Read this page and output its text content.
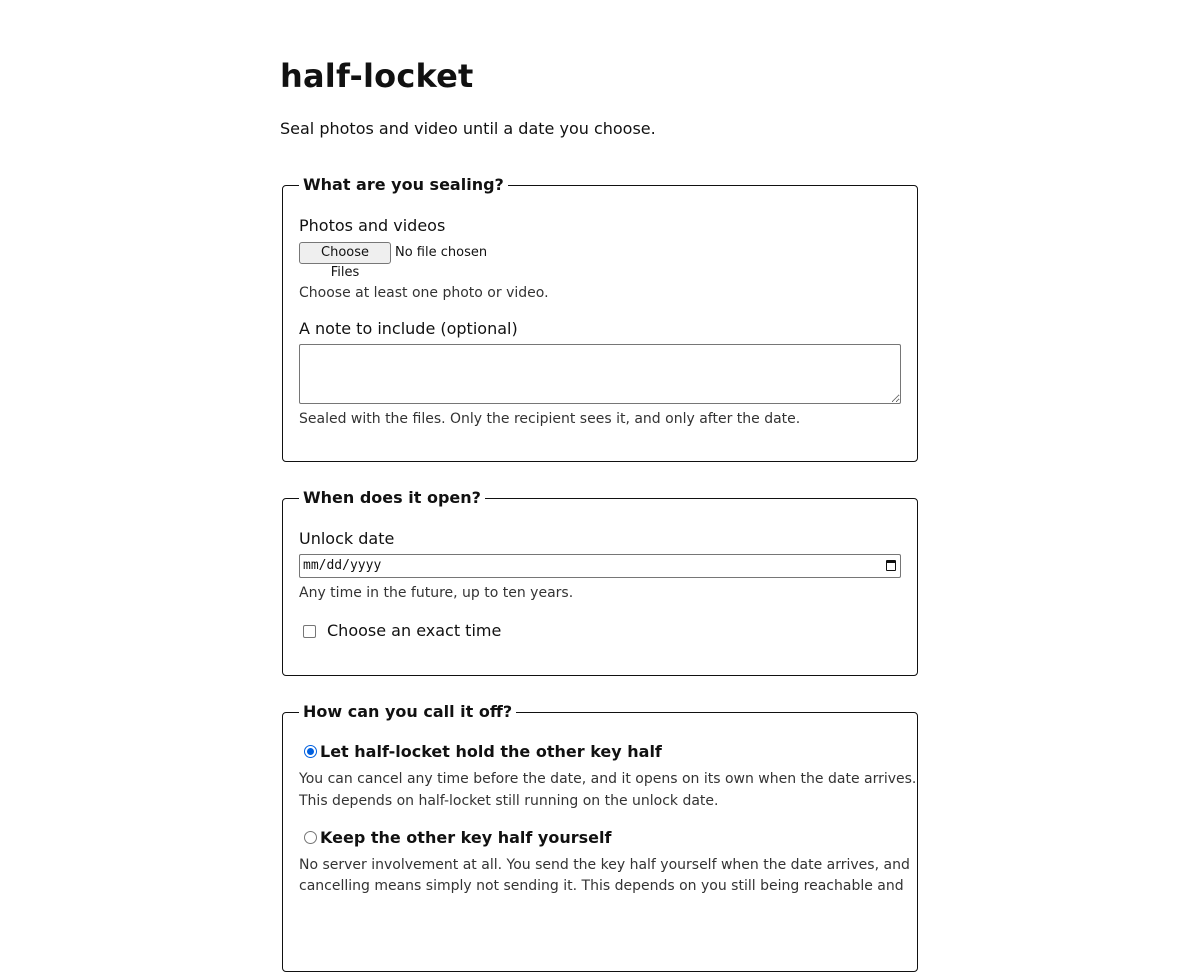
half-locket

Seal photos and video until a date you choose.

What are you sealing?
Photos and videos
Choose Files
No file chosen
Choose at least one photo or video.
A note to include (optional)
Sealed with the files. Only the recipient sees it, and only after the date.
When does it open?
Unlock date
mm/dd/yyyy
Any time in the future, up to ten years.
Choose an exact time
How can you call it off?
Let half-locket hold the other key half
You can cancel any time before the date, and it opens on its own when the date arrives.
This depends on half-locket still running on the unlock date.
Keep the other key half yourself
No server involvement at all. You send the key half yourself when the date arrives, and
cancelling means simply not sending it. This depends on you still being reachable and
